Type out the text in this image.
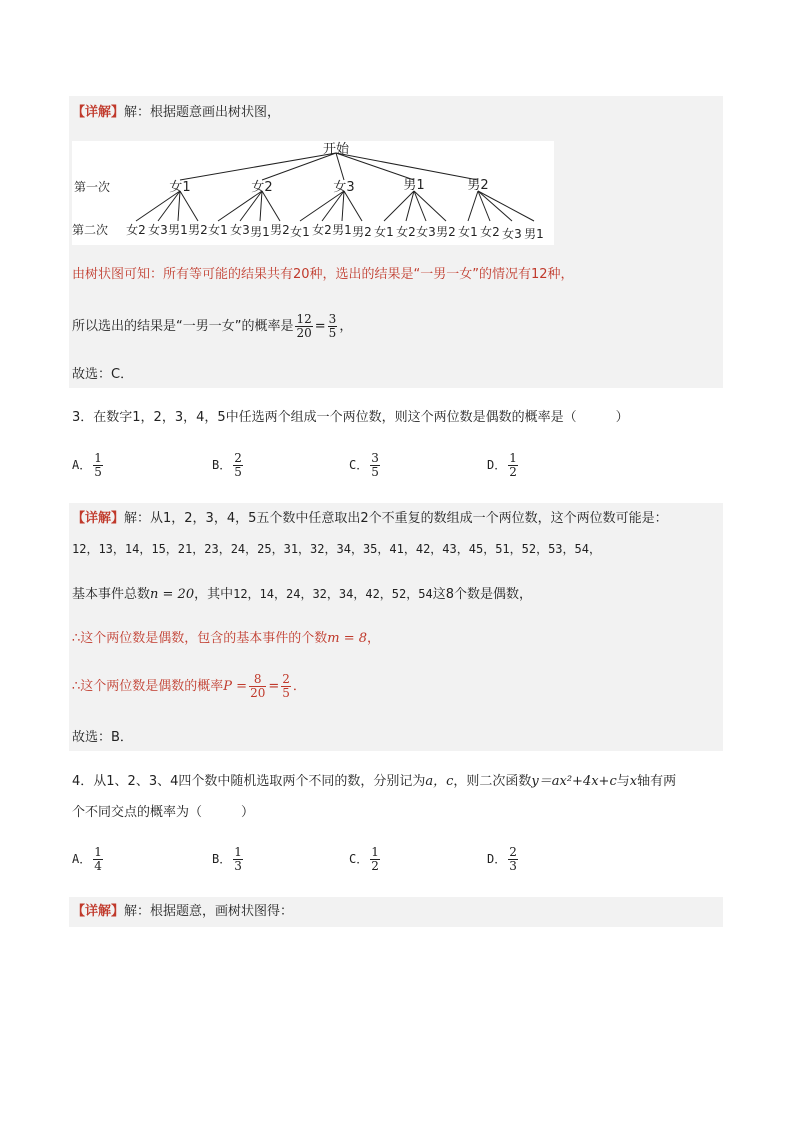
【详解】解：根据题意画出树状图，
开始
第一次
第二次
女1	女2	女3	男1	男2
女2 女3 男1 男2 女1 女3 男1 男2 女1 女2 男1 男2 女1 女2 女3 男2 女1 女2 女3 男1
由树状图可知：所有等可能的结果共有20种，选出的结果是“一男一女”的情况有12种，
所以选出的结果是“一男一女”的概率是 $\frac{12}{20} = \frac{3}{5}$ ，
故选：C．
3．在数字1，2，3，4，5中任选两个组成一个两位数，则这个两位数是偶数的概率是（　　　）
A． $\frac{1}{5}$	B． $\frac{2}{5}$	C． $\frac{3}{5}$	D． $\frac{1}{2}$
【详解】解：从1，2，3，4，5五个数中任意取出2个不重复的数组成一个两位数，这个两位数可能是：
12，13，14，15，21，23，24，25，31，32，34，35，41，42，43，45，51，52，53，54，
基本事件总数n = 20，其中12，14，24，32，34，42，52，54这8个数是偶数，
∴这个两位数是偶数，包含的基本事件的个数m = 8，
∴这个两位数是偶数的概率$P = \frac{8}{20} = \frac{2}{5}$ ．
故选：B．
4．从1、2、3、4四个数中随机选取两个不同的数，分别记为a，c，则二次函数y＝ax²+4x+c与x轴有两
个不同交点的概率为（　　　）
A． $\frac{1}{4}$	B． $\frac{1}{3}$	C． $\frac{1}{2}$	D． $\frac{2}{3}$
【详解】解：根据题意，画树状图得：
